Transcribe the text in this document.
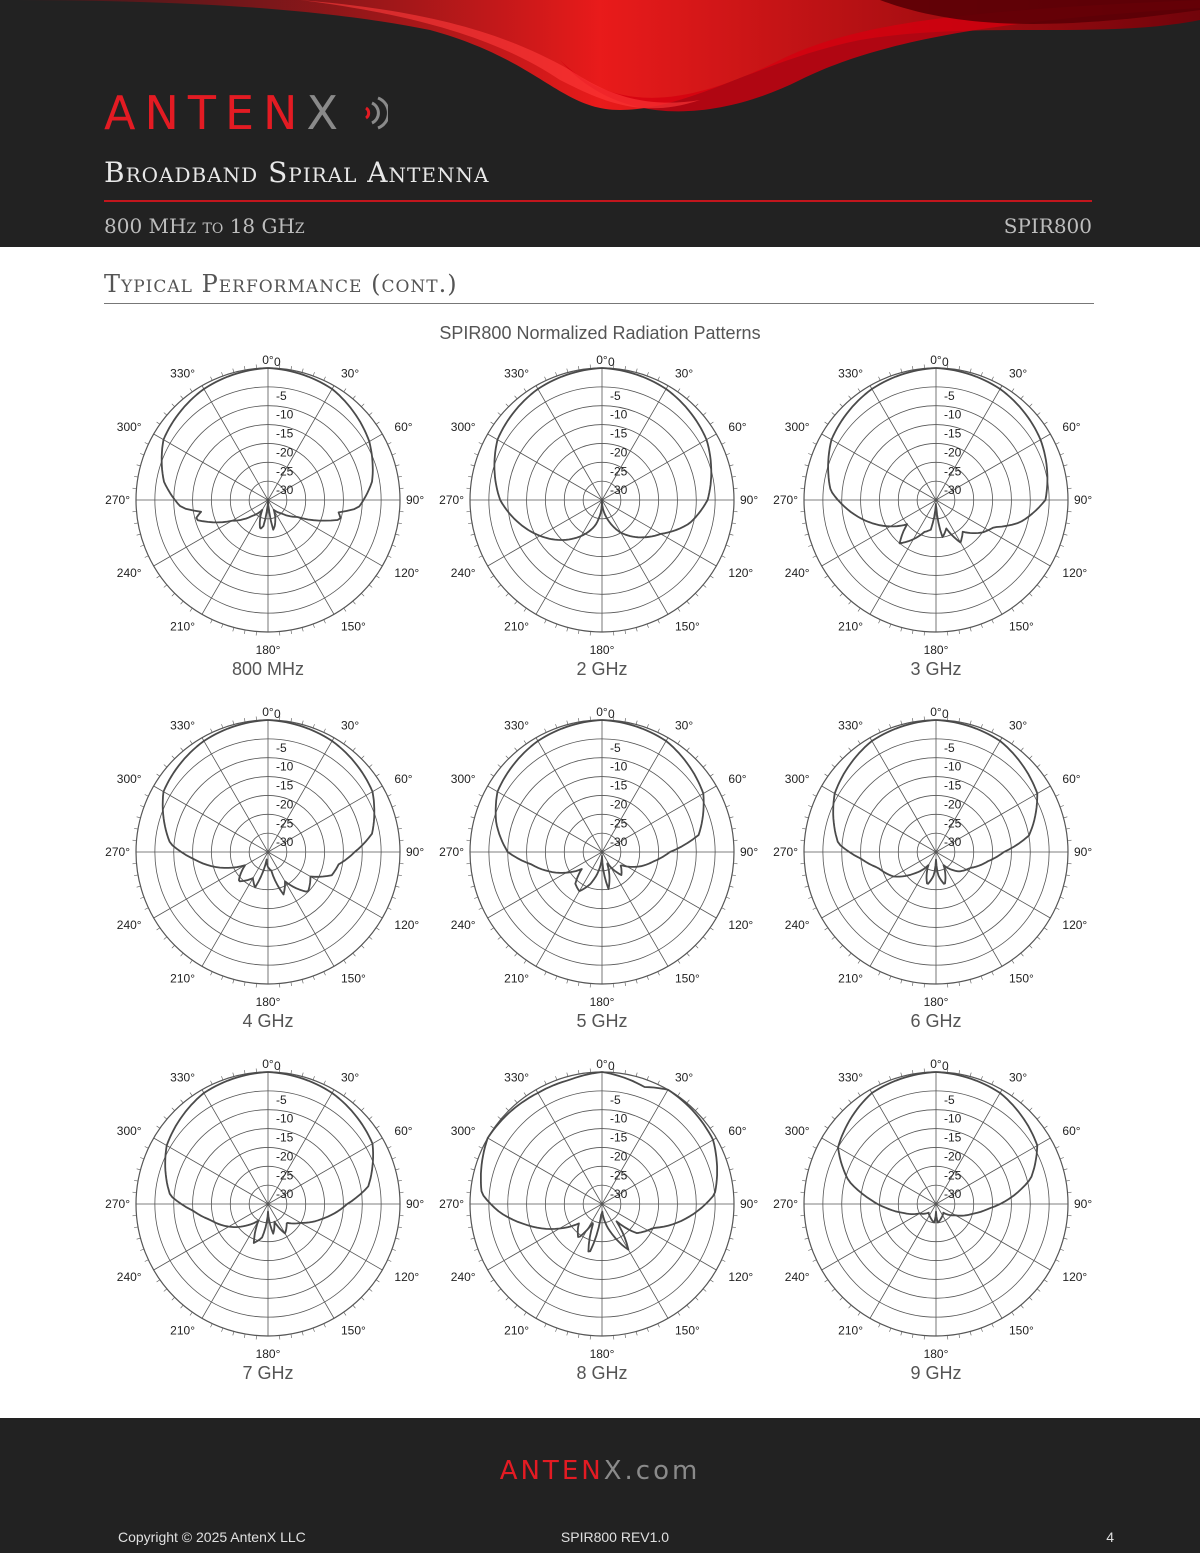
ANTENX
Broadband Spiral Antenna
800 MHz to 18 GHz	SPIR800
Typical Performance (cont.)
SPIR800 Normalized Radiation Patterns
0°
30°
60°
90°
120°
150°
180°
210°
240°
270°
300°
330°
0
-5
-10
-15
-20
-25
-30
800 MHz
0°
30°
60°
90°
120°
150°
180°
210°
240°
270°
300°
330°
0
-5
-10
-15
-20
-25
-30
2 GHz
0°
30°
60°
90°
120°
150°
180°
210°
240°
270°
300°
330°
0
-5
-10
-15
-20
-25
-30
3 GHz
0°
30°
60°
90°
120°
150°
180°
210°
240°
270°
300°
330°
0
-5
-10
-15
-20
-25
-30
4 GHz
0°
30°
60°
90°
120°
150°
180°
210°
240°
270°
300°
330°
0
-5
-10
-15
-20
-25
-30
5 GHz
0°
30°
60°
90°
120°
150°
180°
210°
240°
270°
300°
330°
0
-5
-10
-15
-20
-25
-30
6 GHz
0°
30°
60°
90°
120°
150°
180°
210°
240°
270°
300°
330°
0
-5
-10
-15
-20
-25
-30
7 GHz
0°
30°
60°
90°
120°
150°
180°
210°
240°
270°
300°
330°
0
-5
-10
-15
-20
-25
-30
8 GHz
0°
30°
60°
90°
120°
150°
180°
210°
240°
270°
300°
330°
0
-5
-10
-15
-20
-25
-30
9 GHz
ANTENX.com
Copyright © 2025 AntenX LLC	SPIR800 REV1.0	4
